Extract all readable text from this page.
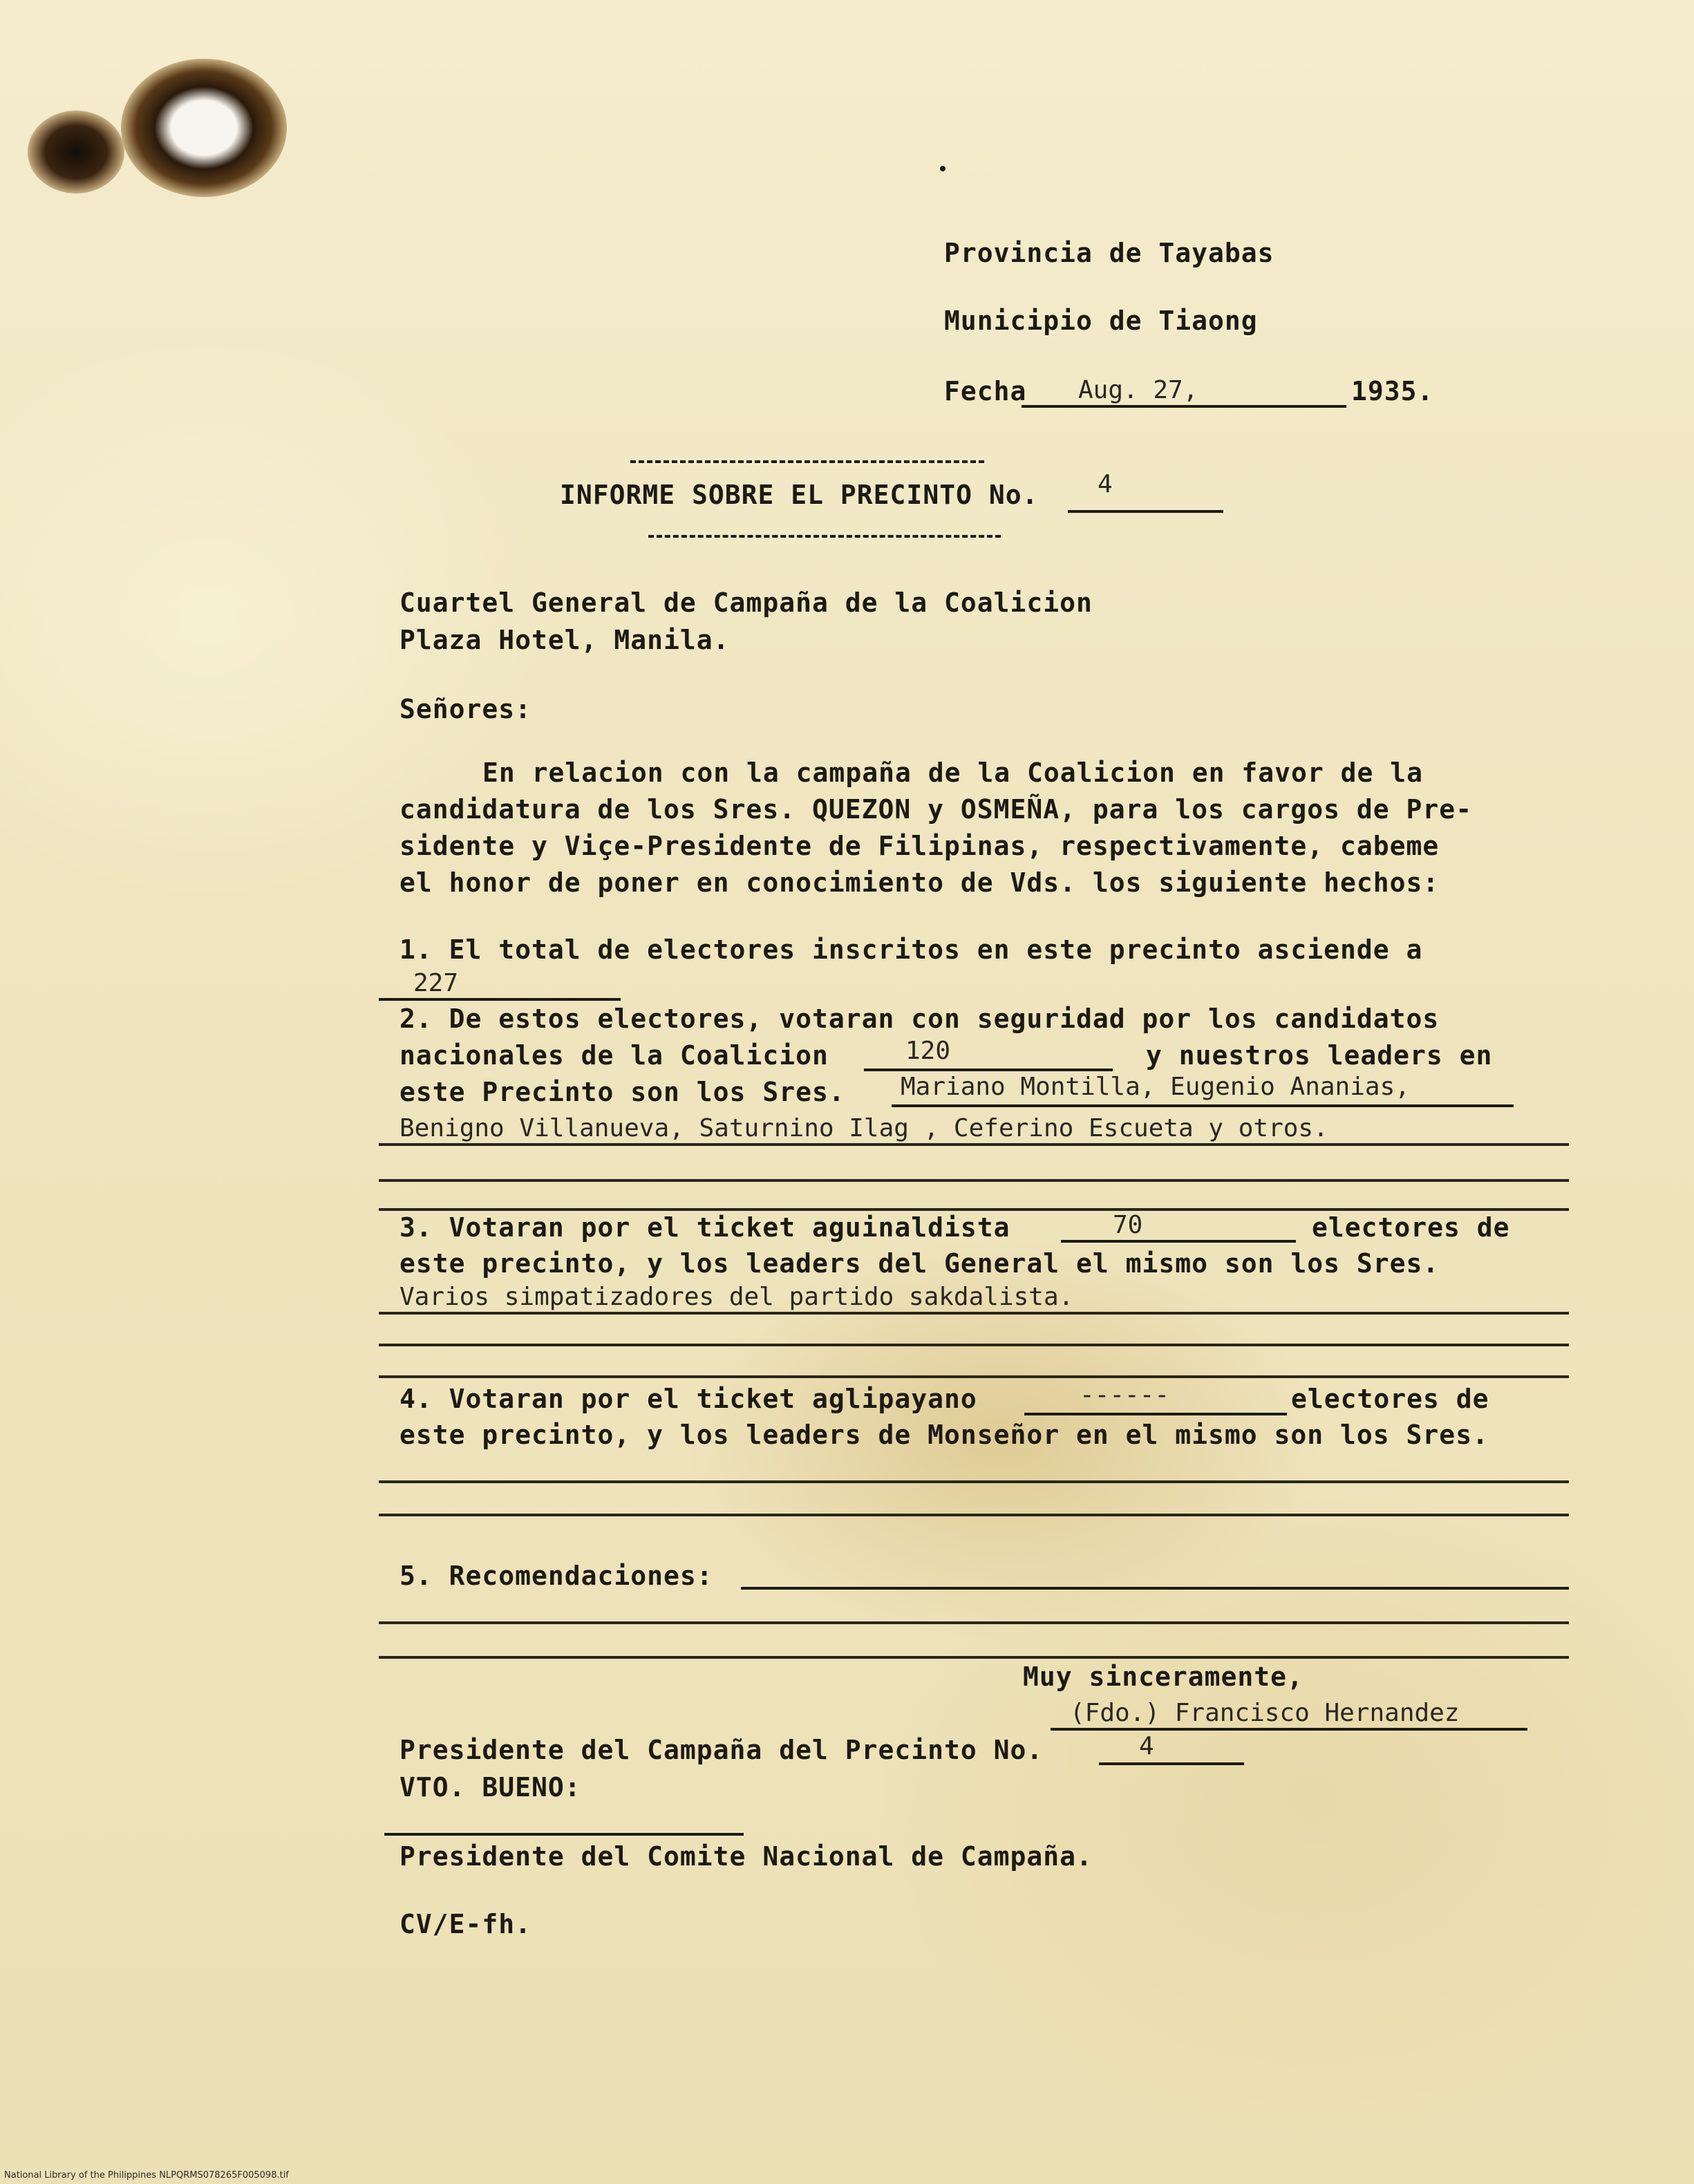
Provincia de Tayabas
Municipio de Tiaong
Fecha Aug. 27,	1935.
INFORME SOBRE EL PRECINTO No. 4
Cuartel General de Campaña de la Coalicion
Plaza Hotel, Manila.
Señores:
En relacion con la campaña de la Coalicion en favor de la
candidatura de los Sres. QUEZON y OSMEÑA, para los cargos de Pre-
sidente y Viçe-Presidente de Filipinas, respectivamente, cabeme
el honor de poner en conocimiento de Vds. los siguiente hechos:
1. El total de electores inscritos en este precinto asciende a
227
2. De estos electores, votaran con seguridad por los candidatos
nacionales de la Coalicion	120	y nuestros leaders en
este Precinto son los Sres. Mariano Montilla, Eugenio Ananias,
Benigno Villanueva, Saturnino Ilag , Ceferino Escueta y otros.
3. Votaran por el ticket aguinaldista	70	electores de
este precinto, y los leaders del General el mismo son los Sres.
Varios simpatizadores del partido sakdalista.
4. Votaran por el ticket aglipayano	------	electores de
este precinto, y los leaders de Monseñor en el mismo son los Sres.
5. Recomendaciones:
Muy sinceramente,
(Fdo.) Francisco Hernandez
Presidente del Campaña del Precinto No.	4
VTO. BUENO:
Presidente del Comite Nacional de Campaña.
CV/E-fh.
National Library of the Philippines NLPQRMS078265F005098.tif
